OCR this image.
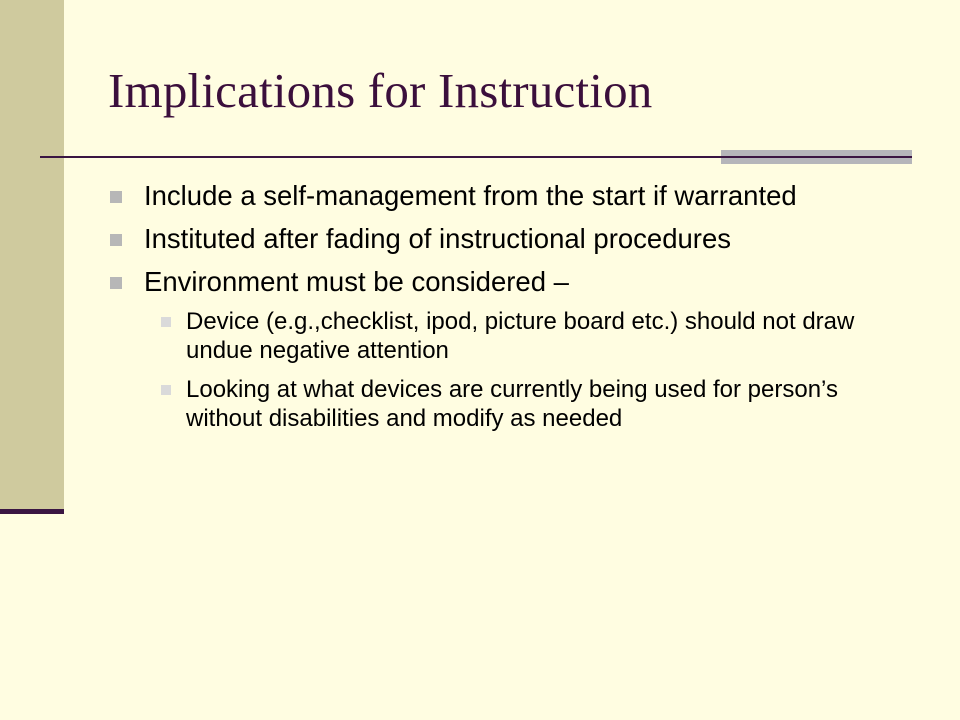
Implications for Instruction
Include a self-management from the start if warranted
Instituted after fading of instructional procedures
Environment must be considered –
Device (e.g.,checklist, ipod, picture board etc.) should not draw undue negative attention
Looking at what devices are currently being used for person’s without disabilities and modify as needed
